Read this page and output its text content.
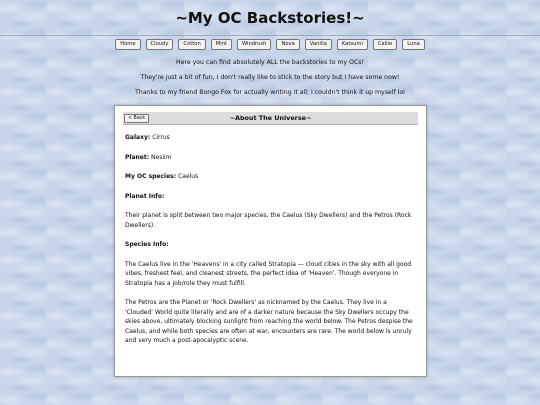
~My OC Backstories!~
Home	Cloudy	Cotton	Mint	Windrush	Nova	Vanilla	Katsumi	Callie	Luna

Here you can find absolutely ALL the backstories to my OCs!

They're just a bit of fun, I don't really like to stick to the story but I have some now!

Thanks to my friend Bongo Fox for actually writing it all; I couldn't think it up myself lol

< Back	~About The Universe~

Galaxy: Cirrus

Planet: Nesiim

My OC species: Caelus

Planet Info:

Their planet is split between two major species, the Caelus (Sky Dwellers) and the Petros (Rock Dwellers).

Species Info:

The Caelus live in the 'Heavens' in a city called Stratopia — cloud cities in the sky with all good vibes, freshest feel, and cleanest streets, the perfect idea of 'Heaven'. Though everyone in Stratopia has a job/role they must fulfill.

The Petros are the Planet or 'Rock Dwellers' as nicknamed by the Caelus. They live in a 'Clouded' World quite literally and are of a darker nature because the Sky Dwellers occupy the skies above, ultimately blocking sunlight from reaching the world below. The Petros despise the Caelus, and while both species are often at war, encounters are rare. The world below is unruly and very much a post-apocalyptic scene.
